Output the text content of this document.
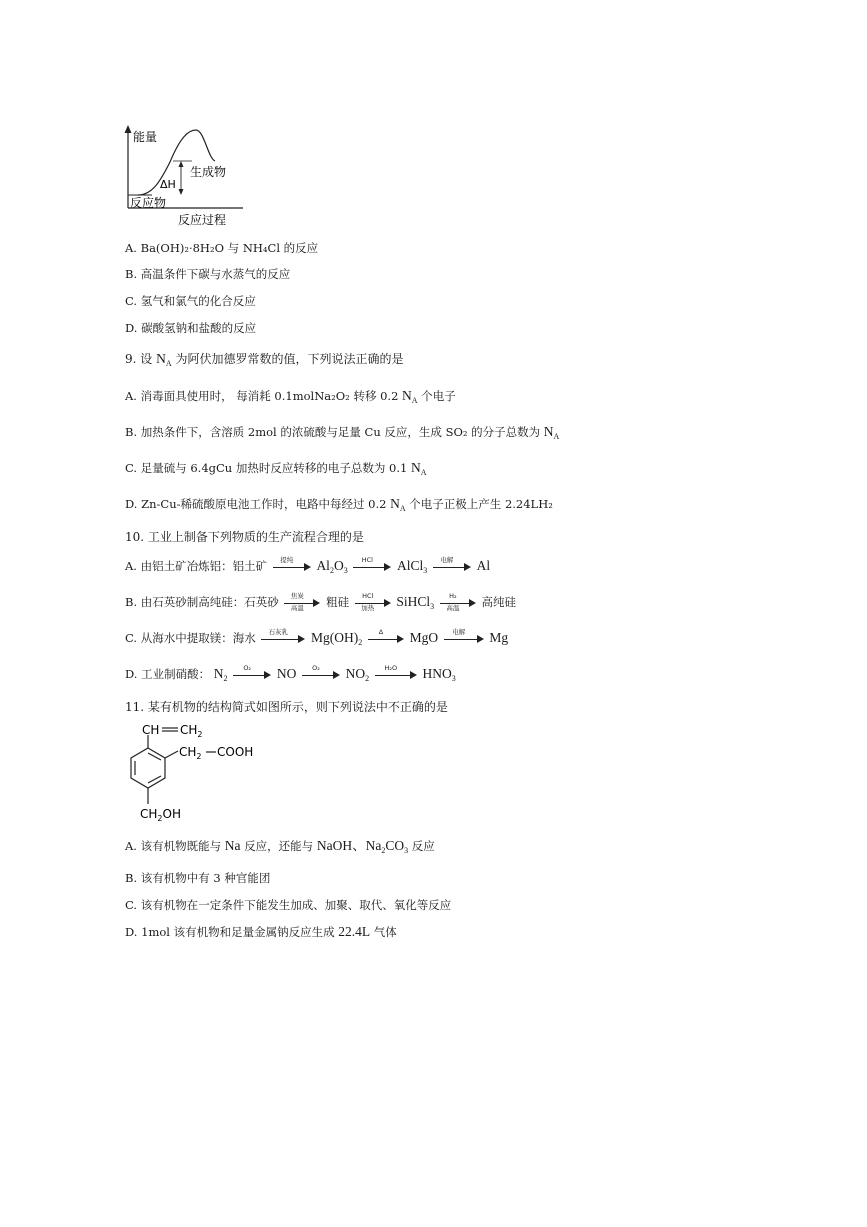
能量
生成物
ΔH
反应物
反应过程
A. Ba(OH)₂·8H₂O 与 NH₄Cl 的反应
B. 高温条件下碳与水蒸气的反应
C. 氢气和氯气的化合反应
D. 碳酸氢钠和盐酸的反应
9. 设 $N_A$ 为阿伏加德罗常数的值，下列说法正确的是
A. 消毒面具使用时， 每消耗 0.1molNa₂O₂ 转移 0.2 $N_A$ 个电子
B. 加热条件下，含溶质 2mol 的浓硫酸与足量 Cu 反应，生成 SO₂ 的分子总数为 $N_A$
C. 足量硫与 6.4gCu 加热时反应转移的电子总数为 0.1 $N_A$
D. Zn-Cu-稀硫酸原电池工作时，电路中每经过 0.2 $N_A$ 个电子正极上产生 2.24LH₂
10. 工业上制备下列物质的生产流程合理的是
A. 由铝土矿冶炼铝：铝土矿	提纯	$Al_2O_3$
HCl	AlCl$_3$
电解	Al
B. 由石英砂制高纯硅：石英砂	焦炭
高温	粗硅	HCl
加热	SiHCl$_3$
H₂
高温	高纯硅
C. 从海水中提取镁：海水	石灰乳	$Mg(OH)_2$
Δ	MgO	电解	Mg
D. 工业制硝酸： $N_2$
O₂	NO	O₂	$NO_2$
H₂O	$HNO_3$
11. 某有机物的结构简式如图所示，则下列说法中不正确的是
CH $CH_2$
$CH_2$ COOH
$CH_2OH$
A. 该有机物既能与 Na 反应，还能与 NaOH、$Na_2CO_3$ 反应
B. 该有机物中有 3 种官能团
C. 该有机物在一定条件下能发生加成、加聚、取代、氧化等反应
D. 1mol 该有机物和足量金属钠反应生成 22.4L 气体
